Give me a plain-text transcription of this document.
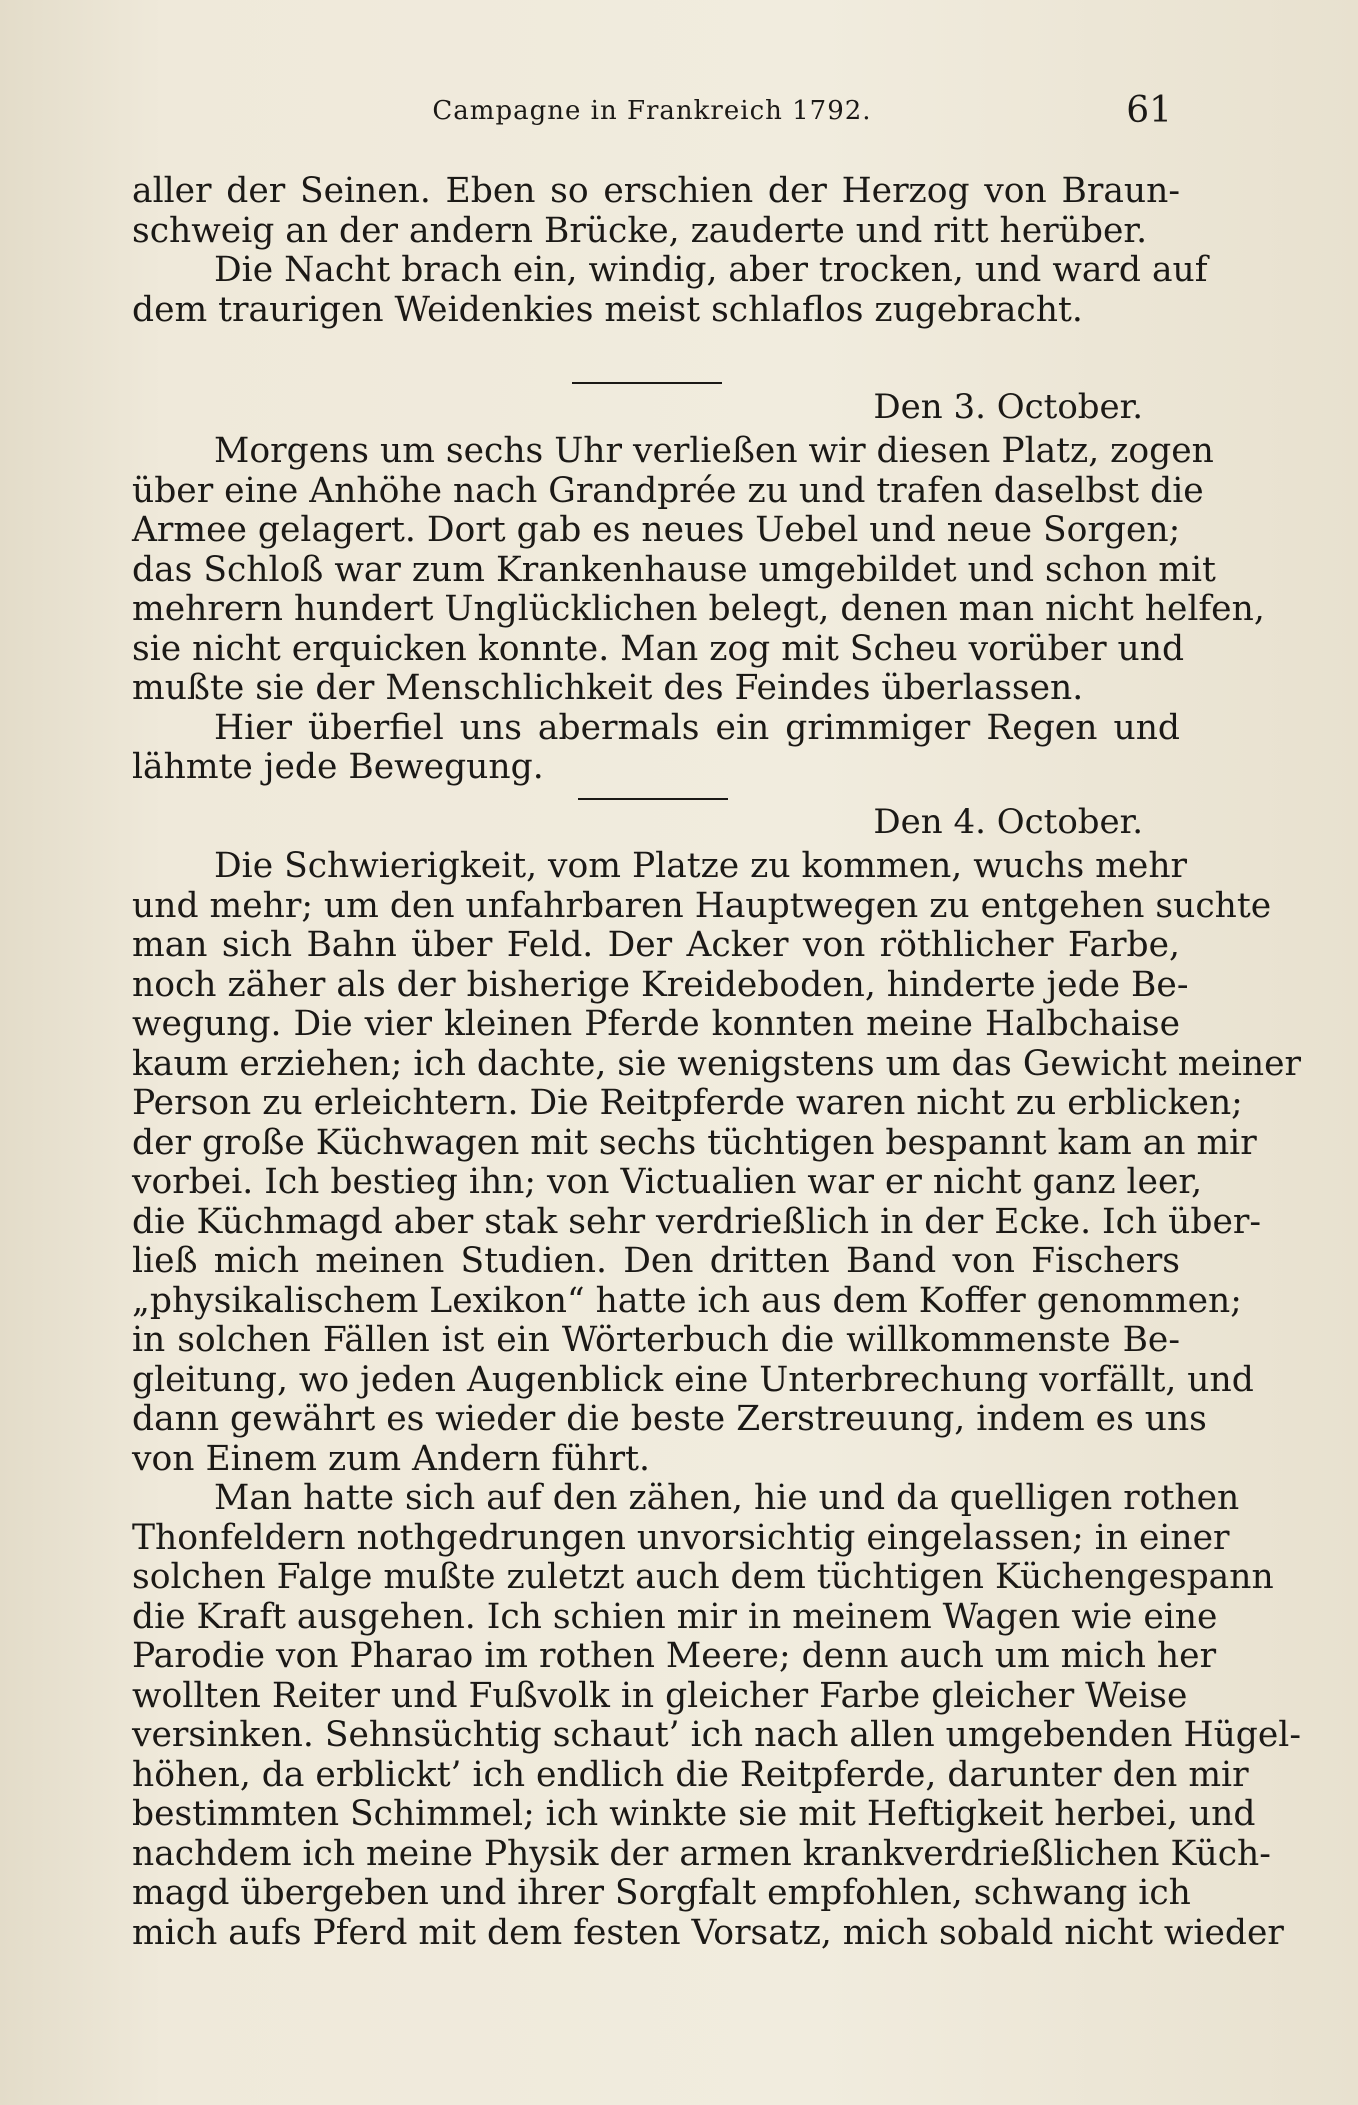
Campagne in Frankreich 1792.	61
aller der Seinen. Eben so erschien der Herzog von Braun-
schweig an der andern Brücke, zauderte und ritt herüber.
Die Nacht brach ein, windig, aber trocken, und ward auf
dem traurigen Weidenkies meist schlaflos zugebracht.
Den 3. October.
Morgens um sechs Uhr verließen wir diesen Platz, zogen
über eine Anhöhe nach Grandprée zu und trafen daselbst die
Armee gelagert. Dort gab es neues Uebel und neue Sorgen;
das Schloß war zum Krankenhause umgebildet und schon mit
mehrern hundert Unglücklichen belegt, denen man nicht helfen,
sie nicht erquicken konnte. Man zog mit Scheu vorüber und
mußte sie der Menschlichkeit des Feindes überlassen.
Hier überfiel uns abermals ein grimmiger Regen und
lähmte jede Bewegung.
Den 4. October.
Die Schwierigkeit, vom Platze zu kommen, wuchs mehr
und mehr; um den unfahrbaren Hauptwegen zu entgehen suchte
man sich Bahn über Feld. Der Acker von röthlicher Farbe,
noch zäher als der bisherige Kreideboden, hinderte jede Be-
wegung. Die vier kleinen Pferde konnten meine Halbchaise
kaum erziehen; ich dachte, sie wenigstens um das Gewicht meiner
Person zu erleichtern. Die Reitpferde waren nicht zu erblicken;
der große Küchwagen mit sechs tüchtigen bespannt kam an mir
vorbei. Ich bestieg ihn; von Victualien war er nicht ganz leer,
die Küchmagd aber stak sehr verdrießlich in der Ecke. Ich über-
ließ mich meinen Studien. Den dritten Band von Fischers
„physikalischem Lexikon“ hatte ich aus dem Koffer genommen;
in solchen Fällen ist ein Wörterbuch die willkommenste Be-
gleitung, wo jeden Augenblick eine Unterbrechung vorfällt, und
dann gewährt es wieder die beste Zerstreuung, indem es uns
von Einem zum Andern führt.
Man hatte sich auf den zähen, hie und da quelligen rothen
Thonfeldern nothgedrungen unvorsichtig eingelassen; in einer
solchen Falge mußte zuletzt auch dem tüchtigen Küchengespann
die Kraft ausgehen. Ich schien mir in meinem Wagen wie eine
Parodie von Pharao im rothen Meere; denn auch um mich her
wollten Reiter und Fußvolk in gleicher Farbe gleicher Weise
versinken. Sehnsüchtig schaut’ ich nach allen umgebenden Hügel-
höhen, da erblickt’ ich endlich die Reitpferde, darunter den mir
bestimmten Schimmel; ich winkte sie mit Heftigkeit herbei, und
nachdem ich meine Physik der armen krankverdrießlichen Küch-
magd übergeben und ihrer Sorgfalt empfohlen, schwang ich
mich aufs Pferd mit dem festen Vorsatz, mich sobald nicht wieder
